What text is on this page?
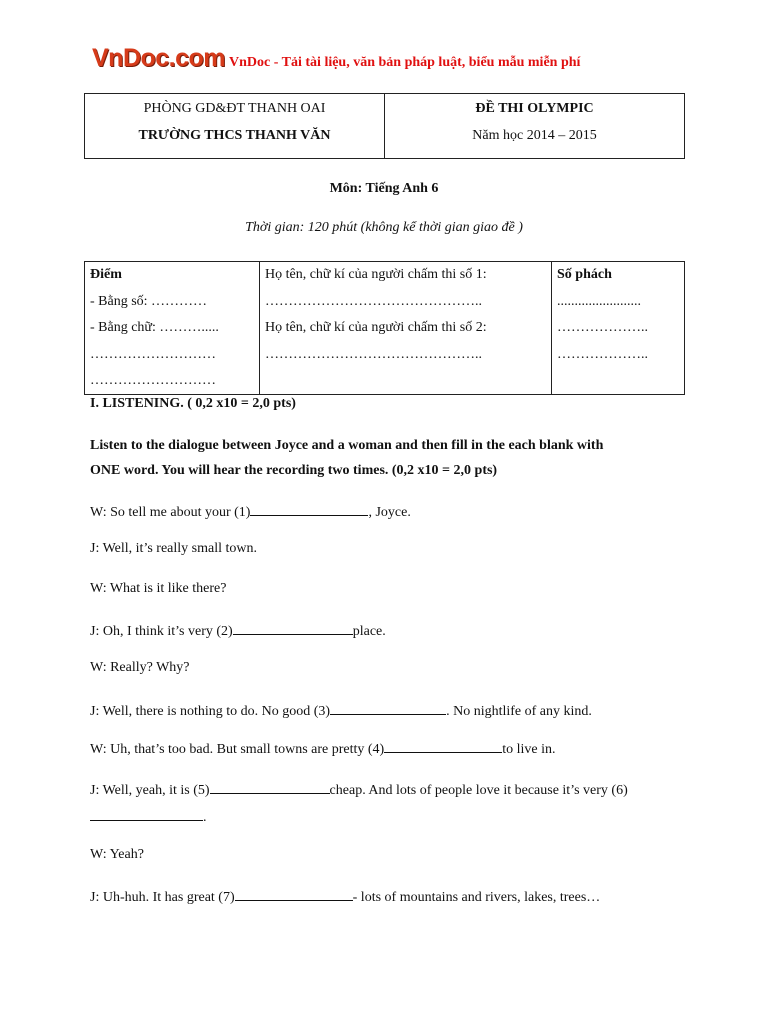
VnDoc.com VnDoc - Tải tài liệu, văn bản pháp luật, biểu mẫu miễn phí
PHÒNG GD&ĐT THANH OAI
TRƯỜNG THCS THANH VĂN
ĐỀ THI OLYMPIC
Năm học 2014 – 2015
Môn: Tiếng Anh 6
Thời gian: 120 phút (không kể thời gian giao đề )
Điểm
- Bằng số: …………
- Bằng chữ: ……….....
………………………
………………………
Họ tên, chữ kí của người chấm thi số 1:
………………………………………..
Họ tên, chữ kí của người chấm thi số 2:
………………………………………..
Số phách
........................
………………..
………………..
I. LISTENING. ( 0,2 x10 = 2,0 pts)
Listen to the dialogue between Joyce and a woman and then fill in the each blank with
ONE word. You will hear the recording two times. (0,2 x10 = 2,0 pts)
W: So tell me about your (1)	, Joyce.
J: Well, it’s really small town.
W: What is it like there?
J: Oh, I think it’s very (2)	place.
W: Really? Why?
J: Well, there is nothing to do. No good (3)	. No nightlife of any kind.
W: Uh, that’s too bad. But small towns are pretty (4)	to live in.
J: Well, yeah, it is (5)	cheap. And lots of people love it because it’s very (6)
.
W: Yeah?
J: Uh-huh. It has great (7)	- lots of mountains and rivers, lakes, trees…
